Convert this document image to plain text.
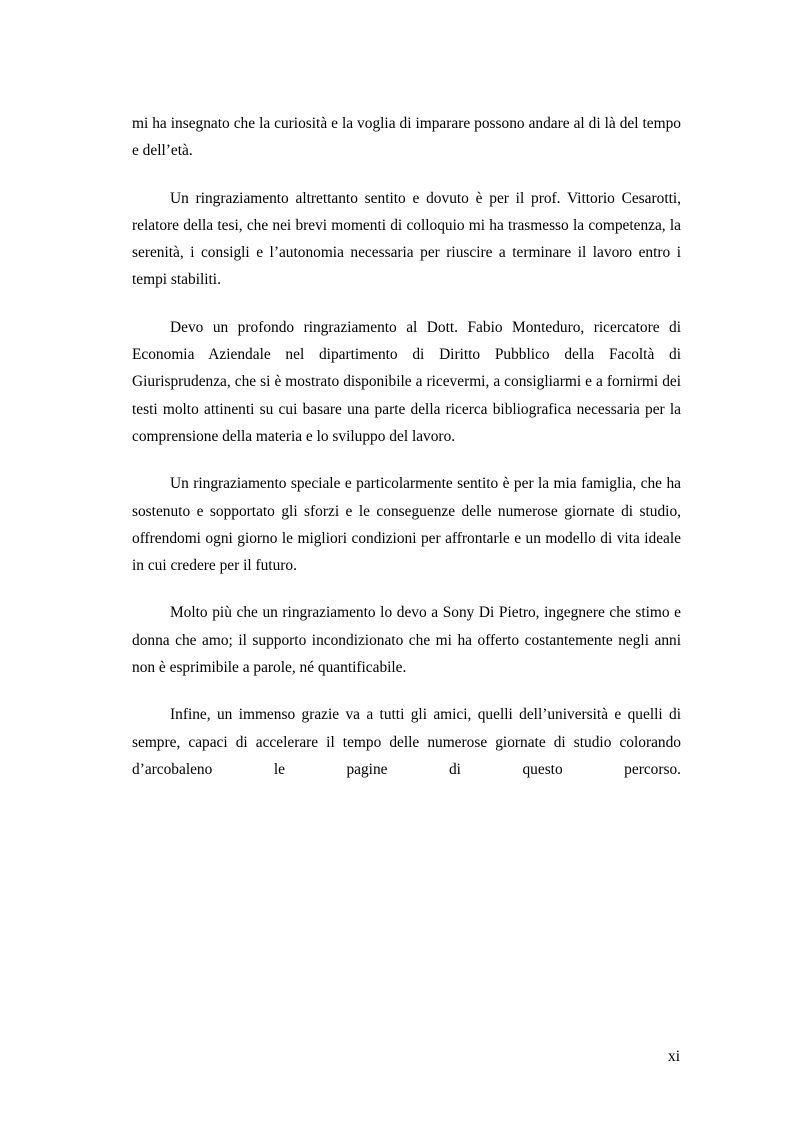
mi ha insegnato che la curiosità e la voglia di imparare possono andare al di là del tempo e dell’età.

Un ringraziamento altrettanto sentito e dovuto è per il prof. Vittorio Cesarotti, relatore della tesi, che nei brevi momenti di colloquio mi ha trasmesso la competenza, la serenità, i consigli e l’autonomia necessaria per riuscire a terminare il lavoro entro i tempi stabiliti.

Devo un profondo ringraziamento al Dott. Fabio Monteduro, ricercatore di Economia Aziendale nel dipartimento di Diritto Pubblico della Facoltà di Giurisprudenza, che si è mostrato disponibile a ricevermi, a consigliarmi e a fornirmi dei testi molto attinenti su cui basare una parte della ricerca bibliografica necessaria per la comprensione della materia e lo sviluppo del lavoro.

Un ringraziamento speciale e particolarmente sentito è per la mia famiglia, che ha sostenuto e sopportato gli sforzi e le conseguenze delle numerose giornate di studio, offrendomi ogni giorno le migliori condizioni per affrontarle e un modello di vita ideale in cui credere per il futuro.

Molto più che un ringraziamento lo devo a Sony Di Pietro, ingegnere che stimo e donna che amo; il supporto incondizionato che mi ha offerto costantemente negli anni non è esprimibile a parole, né quantificabile.

Infine, un immenso grazie va a tutti gli amici, quelli dell’università e quelli di sempre, capaci di accelerare il tempo delle numerose giornate di studio colorando d’arcobaleno le pagine di questo percorso.

xi
